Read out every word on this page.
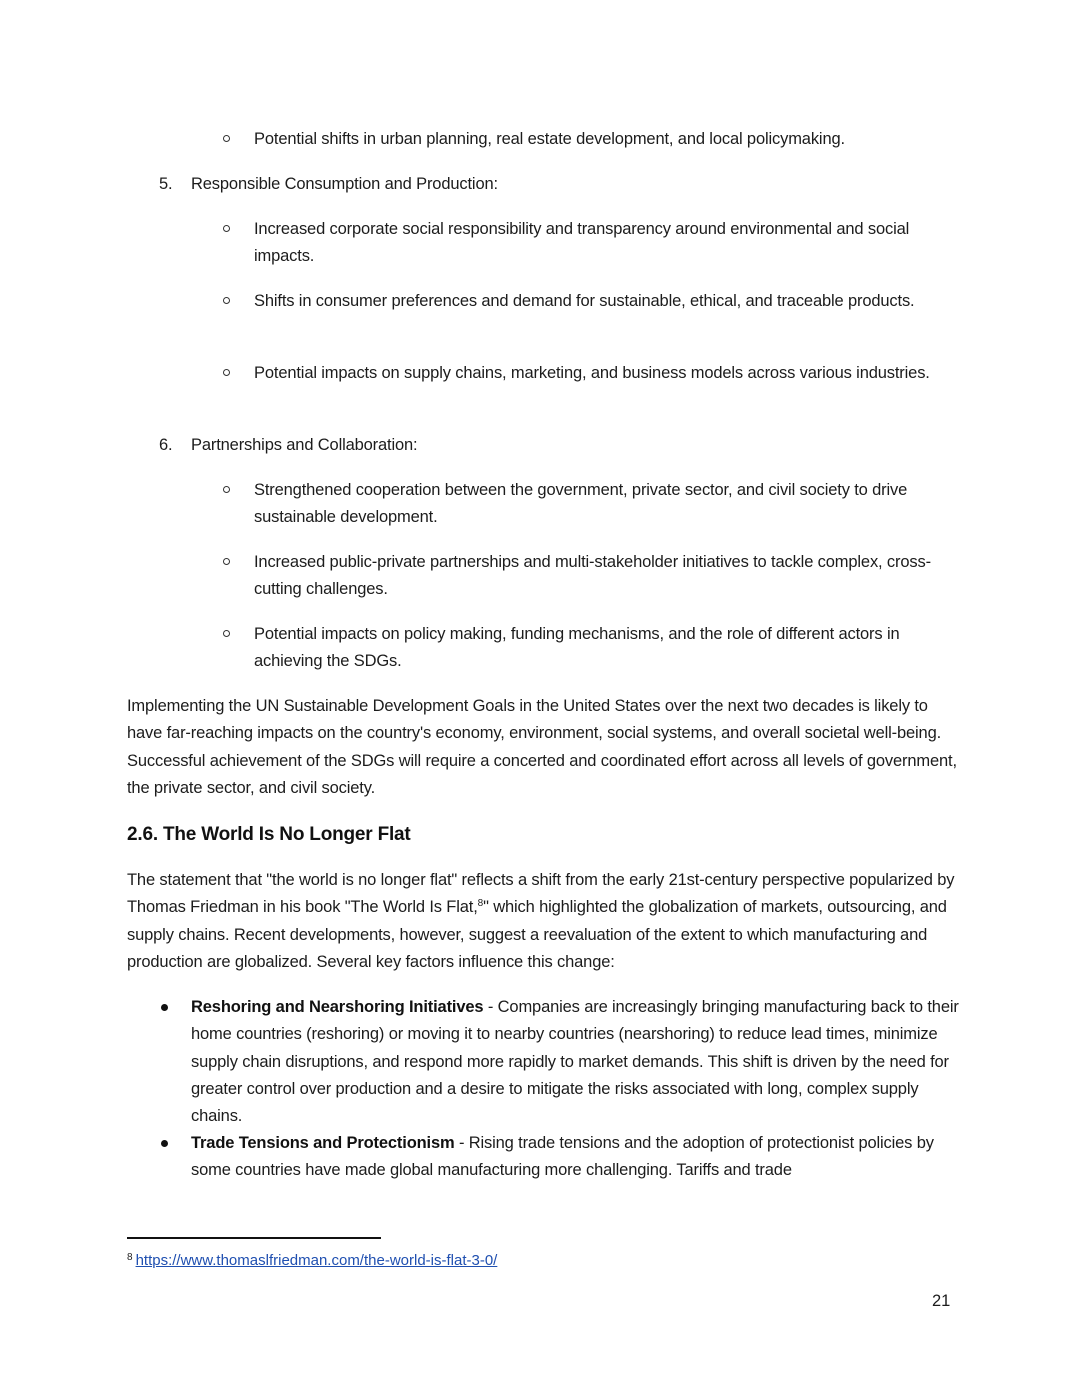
Potential shifts in urban planning, real estate development, and local policymaking.
5. Responsible Consumption and Production:
Increased corporate social responsibility and transparency around environmental and social impacts.
Shifts in consumer preferences and demand for sustainable, ethical, and traceable products.
Potential impacts on supply chains, marketing, and business models across various industries.
6. Partnerships and Collaboration:
Strengthened cooperation between the government, private sector, and civil society to drive sustainable development.
Increased public-private partnerships and multi-stakeholder initiatives to tackle complex, cross-cutting challenges.
Potential impacts on policy making, funding mechanisms, and the role of different actors in achieving the SDGs.
Implementing the UN Sustainable Development Goals in the United States over the next two decades is likely to have far-reaching impacts on the country's economy, environment, social systems, and overall societal well-being. Successful achievement of the SDGs will require a concerted and coordinated effort across all levels of government, the private sector, and civil society.
2.6. The World Is No Longer Flat
The statement that "the world is no longer flat" reflects a shift from the early 21st-century perspective popularized by Thomas Friedman in his book "The World Is Flat,$^8$" which highlighted the globalization of markets, outsourcing, and supply chains. Recent developments, however, suggest a reevaluation of the extent to which manufacturing and production are globalized. Several key factors influence this change:
Reshoring and Nearshoring Initiatives - Companies are increasingly bringing manufacturing back to their home countries (reshoring) or moving it to nearby countries (nearshoring) to reduce lead times, minimize supply chain disruptions, and respond more rapidly to market demands. This shift is driven by the need for greater control over production and a desire to mitigate the risks associated with long, complex supply chains.
Trade Tensions and Protectionism - Rising trade tensions and the adoption of protectionist policies by some countries have made global manufacturing more challenging. Tariffs and trade
$^8$ https://www.thomaslfriedman.com/the-world-is-flat-3-0/
21
